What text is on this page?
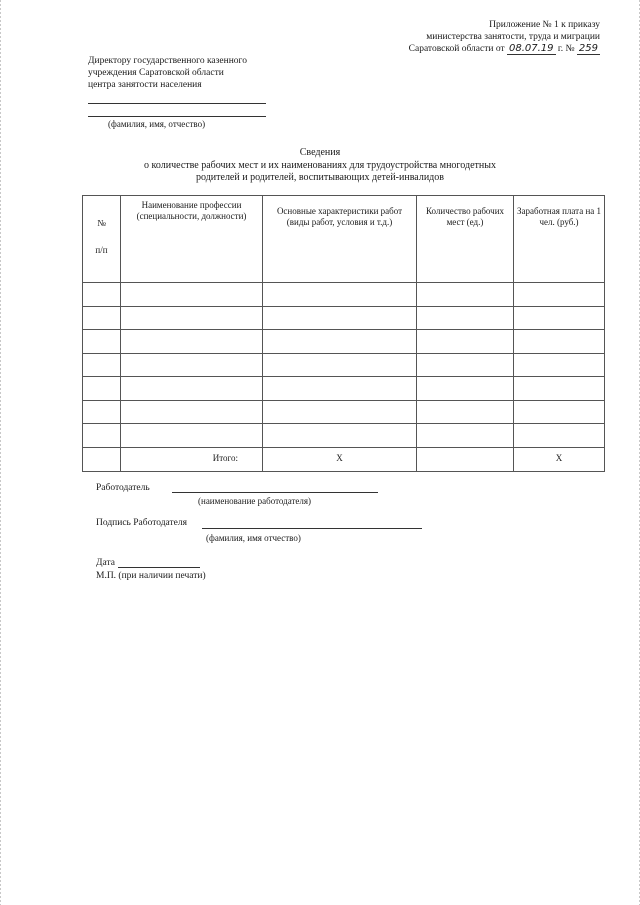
Приложение № 1 к приказу
министерства занятости, труда и миграции
Саратовской области от 08.07.19 г. № 259
Директору государственного казенного
учреждения Саратовской области
центра занятости населения
(фамилия, имя, отчество)
Сведения
о количестве рабочих мест и их наименованиях для трудоустройства многодетных
родителей и родителей, воспитывающих детей-инвалидов
№
п/п	Наименование профессии (специальности, должности)	Основные характеристики работ (виды работ, условия и т.д.)	Количество рабочих мест (ед.)	Заработная плата на 1 чел. (руб.)

	Итого:	X		X
Работодатель
(наименование работодателя)
Подпись Работодателя
(фамилия, имя отчество)
Дата
М.П. (при наличии печати)
